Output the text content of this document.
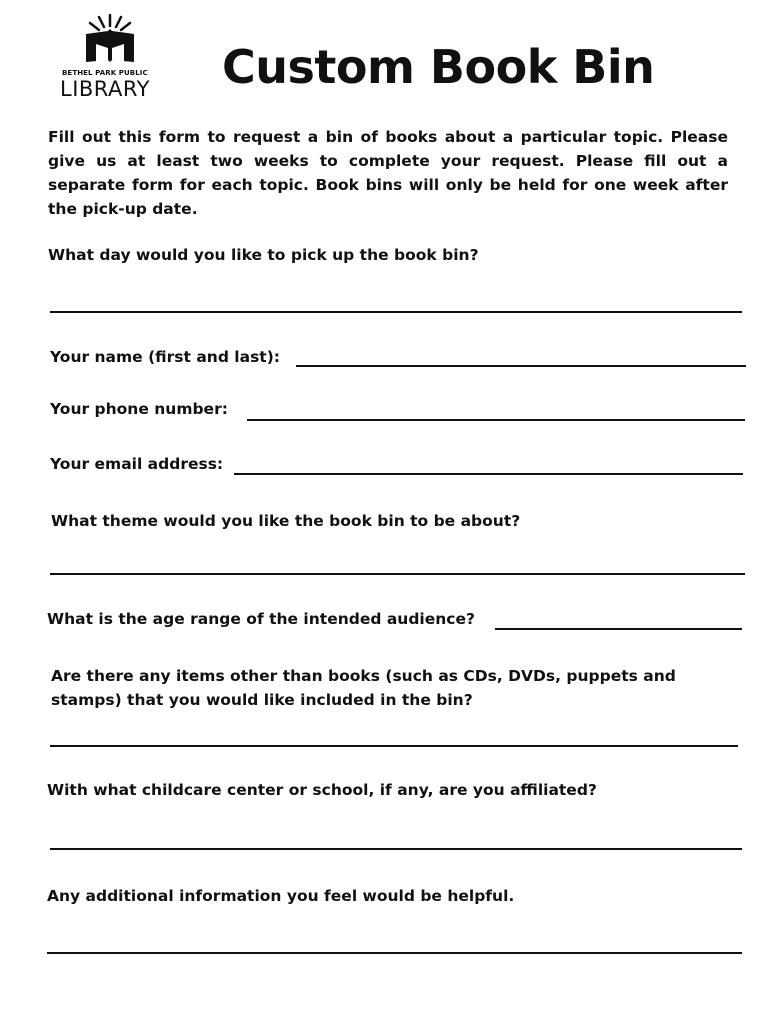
BETHEL PARK PUBLIC
LIBRARY Custom Book Bin
Fill out this form to request a bin of books about a particular topic. Please give us at least two weeks to complete your request. Please fill out a separate form for each topic. Book bins will only be held for one week after the pick-up date.
What day would you like to pick up the book bin?
Your name (first and last):
Your phone number:
Your email address:
What theme would you like the book bin to be about?
What is the age range of the intended audience?
Are there any items other than books (such as CDs, DVDs, puppets and stamps) that you would like included in the bin?
With what childcare center or school, if any, are you affiliated?
Any additional information you feel would be helpful.
